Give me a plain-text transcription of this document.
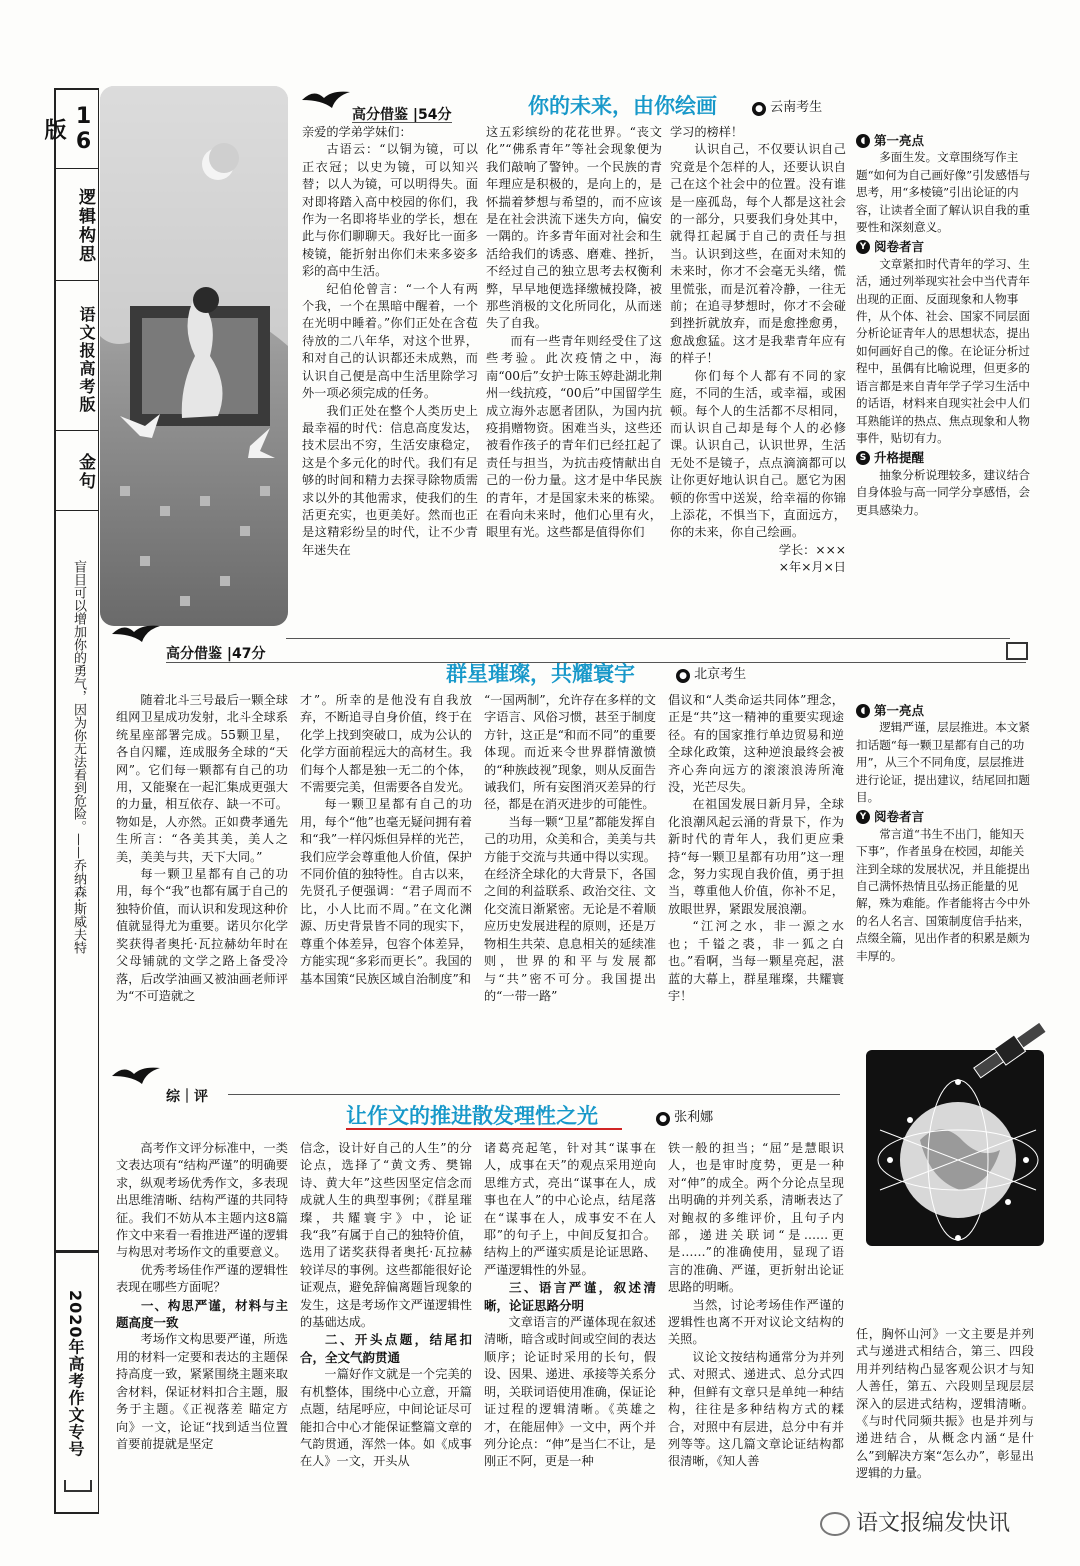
16版
逻辑构思
语文报高考版
金句
盲目可以增加你的勇气，因为你无法看到危险。——乔纳森·斯威夫特
2020年高考作文专号
高分借鉴 |54分	你的未来，由你绘画	● 云南考生

亲爱的学弟学妹们：

古语云：“以铜为镜，可以正衣冠；以史为镜，可以知兴替；以人为镜，可以明得失。面对即将踏入高中校园的你们，我作为一名即将毕业的学长，想在此与你们聊聊天。我好比一面多棱镜，能折射出你们未来多姿多彩的高中生活。

纪伯伦曾言：“一个人有两个我，一个在黑暗中醒着，一个在光明中睡着。”你们正处在含苞待放的二八年华，对这个世界，和对自己的认识都还未成熟，而认识自己便是高中生活里除学习外一项必须完成的任务。

我们正处在整个人类历史上最幸福的时代：信息高度发达，技术层出不穷，生活安康稳定，这是个多元化的时代。我们有足够的时间和精力去探寻除物质需求以外的其他需求，使我们的生活更充实，也更美好。然而也正是这精彩纷呈的时代，让不少青年迷失在

这五彩缤纷的花花世界。“丧文化”“佛系青年”等社会现象便为我们敲响了警钟。一个民族的青年理应是积极的，是向上的，是怀揣着梦想与希望的，而不应该是在社会洪流下迷失方向，偏安一隅的。许多青年面对社会和生活给我们的诱惑、磨难、挫折，不经过自己的独立思考去权衡利弊，早早地便选择缴械投降，被那些消极的文化所同化，从而迷失了自我。

而有一些青年则经受住了这些考验。此次疫情之中，海南“00后”女护士陈玉婷赴湖北荆州一线抗疫，“00后”中国留学生成立海外志愿者团队，为国内抗疫捐赠物资。困难当头，这些还被看作孩子的青年们已经扛起了责任与担当，为抗击疫情献出自己的一份力量。这才是中华民族的青年，才是国家未来的栋梁。在看向未来时，他们心里有火，眼里有光。这些都是值得你们

学习的榜样！

认识自己，不仅要认识自己究竟是个怎样的人，还要认识自己在这个社会中的位置。没有谁是一座孤岛，每个人都是这社会的一部分，只要我们身处其中，就得扛起属于自己的责任与担当。认识到这些，在面对未知的未来时，你才不会毫无头绪，慌里慌张，而是沉着冷静，一往无前；在追寻梦想时，你才不会碰到挫折就放弃，而是愈挫愈勇，愈战愈猛。这才是我辈青年应有的样子！

你们每个人都有不同的家庭，不同的生活，或幸福，或困顿。每个人的生活都不尽相同，而认识自己却是每个人的必修课。认识自己，认识世界，生活无处不是镜子，点点滴滴都可以让你更好地认识自己。愿它为困顿的你雪中送炭，给幸福的你锦上添花，不惧当下，直面远方，你的未来，你自己绘画。

学长：×××

×年×月×日

◖ 第一亮点
多面生发。文章围绕写作主题“如何为自己画好像”引发感悟与思考，用“多棱镜”引出论证的内容，让读者全面了解认识自我的重要性和深刻意义。
Y 阅卷者言
文章紧扣时代青年的学习、生活，通过列举现实社会中当代青年出现的正面、反面现象和人物事件，从个体、社会、国家不同层面分析论证青年人的思想状态，提出如何画好自己的像。在论证分析过程中，虽偶有比喻说理，但更多的语言都是来自青年学子学习生活中的话语，材料来自现实社会中人们耳熟能详的热点、焦点现象和人物事件，贴切有力。
S 升格提醒
抽象分析说理较多，建议结合自身体验与高一同学分享感悟，会更具感染力。
高分借鉴 |47分
群星璀璨，共耀寰宇	● 北京考生

随着北斗三号最后一颗全球组网卫星成功发射，北斗全球系统星座部署完成。55颗卫星，各自闪耀，连成服务全球的“天网”。它们每一颗都有自己的功用，又能聚在一起汇集成更强大的力量，相互依存、缺一不可。物如是，人亦然。正如费孝通先生所言：“各美其美，美人之美，美美与共，天下大同。”

每一颗卫星都有自己的功用，每个“我”也都有属于自己的独特价值，而认识和发现这种价值就显得尤为重要。诺贝尔化学奖获得者奥托·瓦拉赫幼年时在父母铺就的文学之路上备受冷落，后改学油画又被油画老师评为“不可造就之

才”。所幸的是他没有自我放弃，不断追寻自身价值，终于在化学上找到突破口，成为公认的化学方面前程远大的高材生。我们每个人都是独一无二的个体，不需要完美，但需要各自发光。

每一颗卫星都有自己的功用，每个“他”也毫无疑问拥有着和“我”一样闪烁但异样的光芒，我们应学会尊重他人价值，保护不同价值的独特性。自古以来，先贤孔子便强调：“君子周而不比，小人比而不周。”在文化渊源、历史背景皆不同的现实下，尊重个体差异，包容个体差异，方能实现“多彩而更长”。我国的基本国策“民族区域自治制度”和

“一国两制”，允许存在多样的文字语言、风俗习惯，甚至于制度方针，这正是“和而不同”的重要体现。而近来令世界群情激愤的“种族歧视”现象，则从反面告诫我们，所有妄图消灭差异的行径，都是在消灭进步的可能性。

当每一颗“卫星”都能发挥自己的功用，众美和合，美美与共方能于交流与共通中得以实现。在经济全球化的大背景下，各国之间的利益联系、政治交往、文化交流日渐紧密。无论是不着顺应历史发展进程的原则，还是万物相生共荣、息息相关的延续准则，世界的和平与发展都与“共”密不可分。我国提出的“一带一路”

倡议和“人类命运共同体”理念，正是“共”这一精神的重要实现途径。有的国家推行单边贸易和逆全球化政策，这种逆浪最终会被齐心奔向远方的滚滚浪涛所淹没，光芒尽失。

在祖国发展日新月异，全球化浪潮风起云涌的背景下，作为新时代的青年人，我们更应秉持“每一颗卫星都有功用”这一理念，努力实现自我价值，勇于担当，尊重他人价值，你补不足，放眼世界，紧跟发展浪潮。

“江河之水，非一源之水也；千镒之裘，非一狐之白也。”看啊，当每一颗星亮起，湛蓝的大幕上，群星璀璨，共耀寰宇！

◖ 第一亮点
逻辑严谨，层层推进。本文紧扣话题“每一颗卫星都有自己的功用”，从三个不同角度，层层推进进行论证，提出建议，结尾回扣题目。
Y 阅卷者言
常言道“书生不出门，能知天下事”，作者虽身在校园，却能关注到全球的发展状况，并且能提出自己满怀热情且弘扬正能量的见解，殊为难能。作者能将古今中外的名人名言、国策制度信手拈来，点缀全篇，见出作者的积累是颇为丰厚的。
综｜评
让作文的推进散发理性之光	● 张利娜

高考作文评分标准中，一类文表达项有“结构严谨”的明确要求，纵观考场优秀作文，多表现出思维清晰、结构严谨的共同特征。我们不妨从本主题内这8篇作文中来看一看推进严谨的逻辑与构思对考场作文的重要意义。

优秀考场佳作严谨的逻辑性表现在哪些方面呢？

一、构思严谨，材料与主题高度一致

考场作文构思要严谨，所选用的材料一定要和表达的主题保持高度一致，紧紧围绕主题来取舍材料，保证材料扣合主题，服务于主题。《正视落差 瞄定方向》一文，论证“找到适当位置首要前提就是坚定

信念，设计好自己的人生”的分论点，选择了“黄文秀、樊锦诗、黄大年”这些因坚定信念而成就人生的典型事例；《群星璀璨，共耀寰宇》中，论证我“我”有属于自己的独特价值，选用了诺奖获得者奥托·瓦拉赫较详尽的事例。这些都能很好论证观点，避免辞偏离题旨现象的发生，这是考场作文严谨逻辑性的基础达成。

二、开头点题，结尾扣合，全文气韵贯通

一篇好作文就是一个完美的有机整体，围绕中心立意，开篇点题，结尾呼应，中间论证尽可能扣合中心才能保证整篇文章的气韵贯通，浑然一体。如《成事在人》一文，开头从

诸葛亮起笔，针对其“谋事在人，成事在天”的观点采用逆向思维方式，亮出“谋事在人，成事也在人”的中心论点，结尾落在“谋事在人，成事安不在人耶”的句子上，中间反复扣合。结构上的严谨实质是论证思路、严谨逻辑性的外显。

三、语言严谨，叙述清晰，论证思路分明

文章语言的严谨体现在叙述清晰，暗含或时间或空间的表达顺序；论证时采用的长句，假设、因果、递进、承接等关系分明，关联词语使用准确，保证论证过程的逻辑清晰。《英雄之才，在能屈伸》一文中，两个并列分论点：“伸”是当仁不让，是刚正不阿，更是一种

铁一般的担当；“屈”是慧眼识人，也是审时度势，更是一种对“伸”的成全。两个分论点呈现出明确的并列关系，清晰表达了对鲍叔的多维评价，且句子内部，递进关联词“是……更是……”的准确使用，显现了语言的准确、严谨，更折射出论证思路的明晰。

当然，讨论考场佳作严谨的逻辑性也离不开对议论文结构的关照。

议论文按结构通常分为并列式、对照式、递进式、总分式四种，但鲜有文章只是单纯一种结构，往往是多种结构方式的糅合，对照中有层进，总分中有并列等等。这几篇文章论证结构都很清晰，《知人善

任，胸怀山河》一文主要是并列式与递进式相结合，第三、四段用并列结构凸显客观公识才与知人善任，第五、六段则呈现层层深入的层进式结构，逻辑清晰。《与时代同频共振》也是并列与递进结合，从概念内涵“是什么”到解决方案“怎么办”，彰显出逻辑的力量。

语文报编发快讯
